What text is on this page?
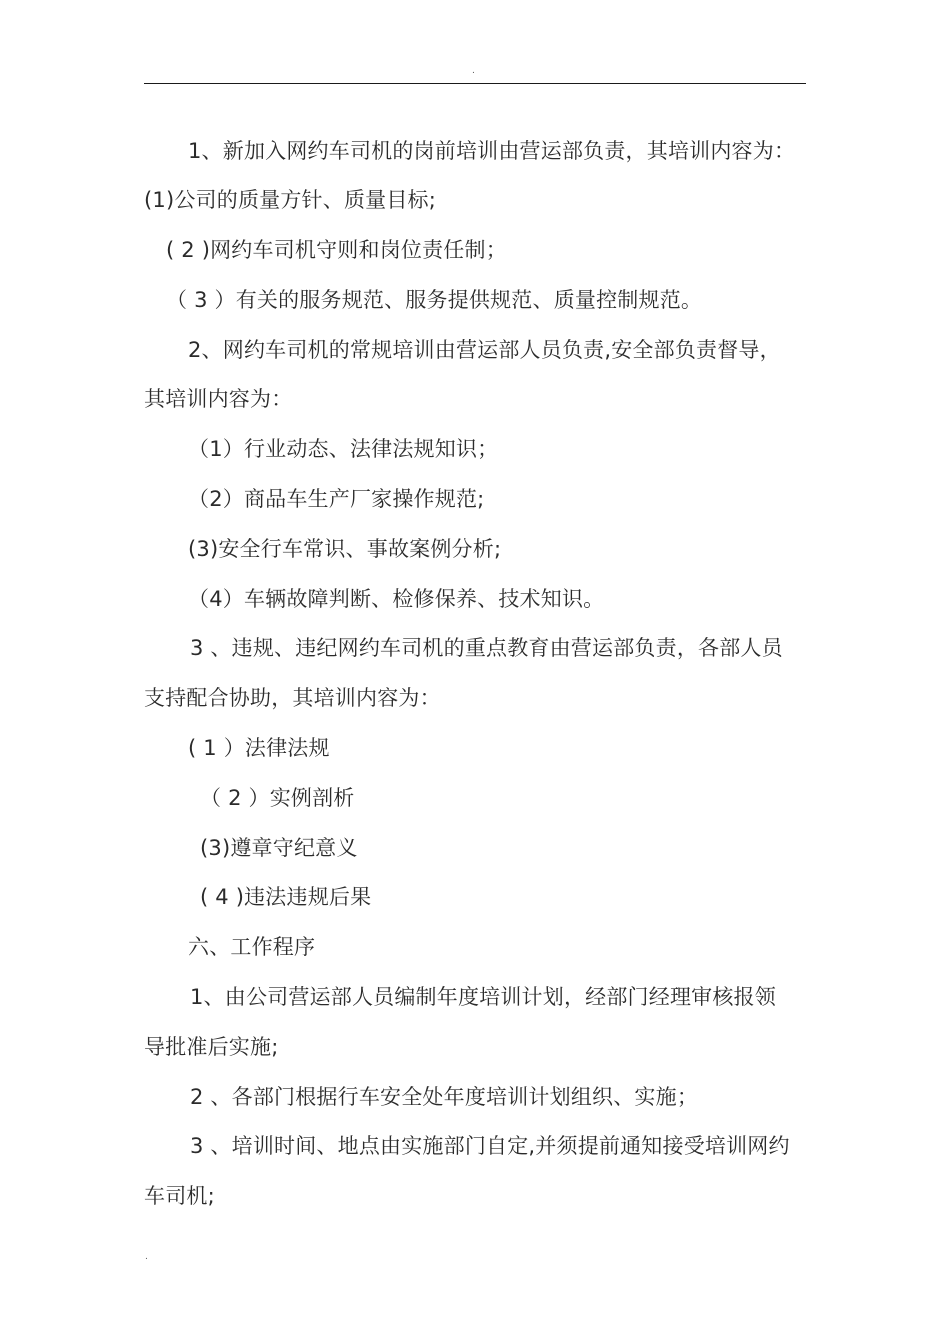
.

1、新加入网约车司机的岗前培训由营运部负责，其培训内容为：

(1)公司的质量方针、质量目标;

( 2 )网约车司机守则和岗位责任制；

（ 3 ）有关的服务规范、服务提供规范、质量控制规范。

2、网约车司机的常规培训由营运部人员负责,安全部负责督导，

其培训内容为：

（1）行业动态、法律法规知识；

（2）商品车生产厂家操作规范;

(3)安全行车常识、事故案例分析;

（4）车辆故障判断、检修保养、技术知识。

3 、违规、违纪网约车司机的重点教育由营运部负责，各部人员

支持配合协助，其培训内容为：

( 1 ）法律法规

（ 2 ）实例剖析

(3)遵章守纪意义

( 4 )违法违规后果

六、工作程序

1、由公司营运部人员编制年度培训计划，经部门经理审核报领

导批准后实施;

2 、各部门根据行车安全处年度培训计划组织、实施；

3 、培训时间、地点由实施部门自定,并须提前通知接受培训网约

车司机;

.
